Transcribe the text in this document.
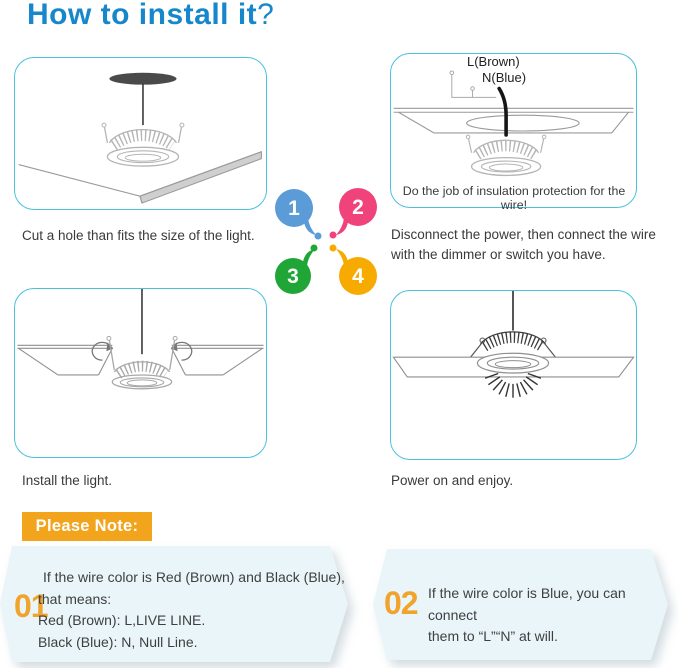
How to install it?
Cut a hole than fits the size of the light.
L(Brown)
N(Blue)
Do the job of insulation protection for the wire!
Disconnect the power, then connect the wire with the dimmer or switch you have.
Install the light.	Power on and enjoy.
1 2
3	4
Please Note:
01
If the wire color is Red (Brown) and Black (Blue),
that means:
Red (Brown): L,LIVE LINE.
Black (Blue): N, Null Line.
02 If the wire color is Blue, you can connect
them to “L”“N” at will.
